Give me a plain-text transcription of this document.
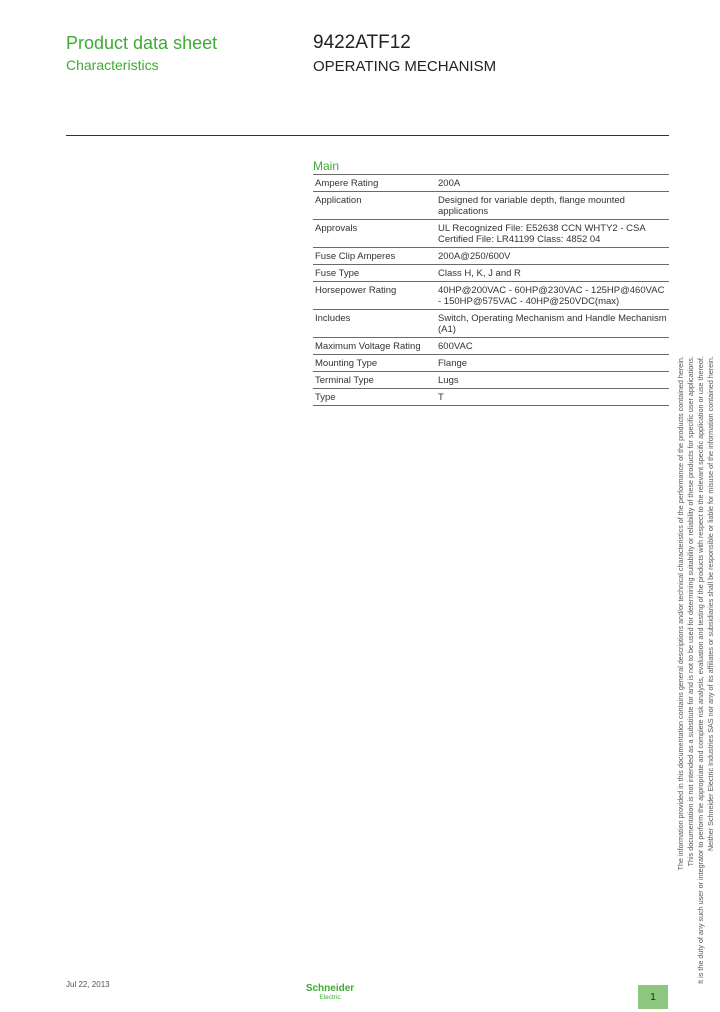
Product data sheet
Characteristics
9422ATF12
OPERATING MECHANISM
Main
Ampere Rating	200A
Application	Designed for variable depth, flange mounted applications
Approvals	UL Recognized File: E52638 CCN WHTY2 - CSA Certified File: LR41199 Class: 4852 04
Fuse Clip Amperes	200A@250/600V
Fuse Type	Class H, K, J and R
Horsepower Rating	40HP@200VAC - 60HP@230VAC - 125HP@460VAC - 150HP@575VAC - 40HP@250VDC(max)
Includes	Switch, Operating Mechanism and Handle Mechanism (A1)
Maximum Voltage Rating	600VAC
Mounting Type	Flange
Terminal Type	Lugs
Type	T	The information provided in this documentation contains general descriptions and/or technical characteristics of the performance of the products contained herein. This documentation is not intended as a substitute for and is not to be used for determining suitability or reliability of these products for specific user applications. It is the duty of any such user or integrator to perform the appropriate and complete risk analysis, evaluation and testing of the products with respect to the relevant specific application or use thereof. Neither Schneider Electric Industries SAS nor any of its affiliates or subsidiaries shall be responsible or liable for misuse of the information contained herein.
Jul 22, 2013	Schneider
Electric	1
